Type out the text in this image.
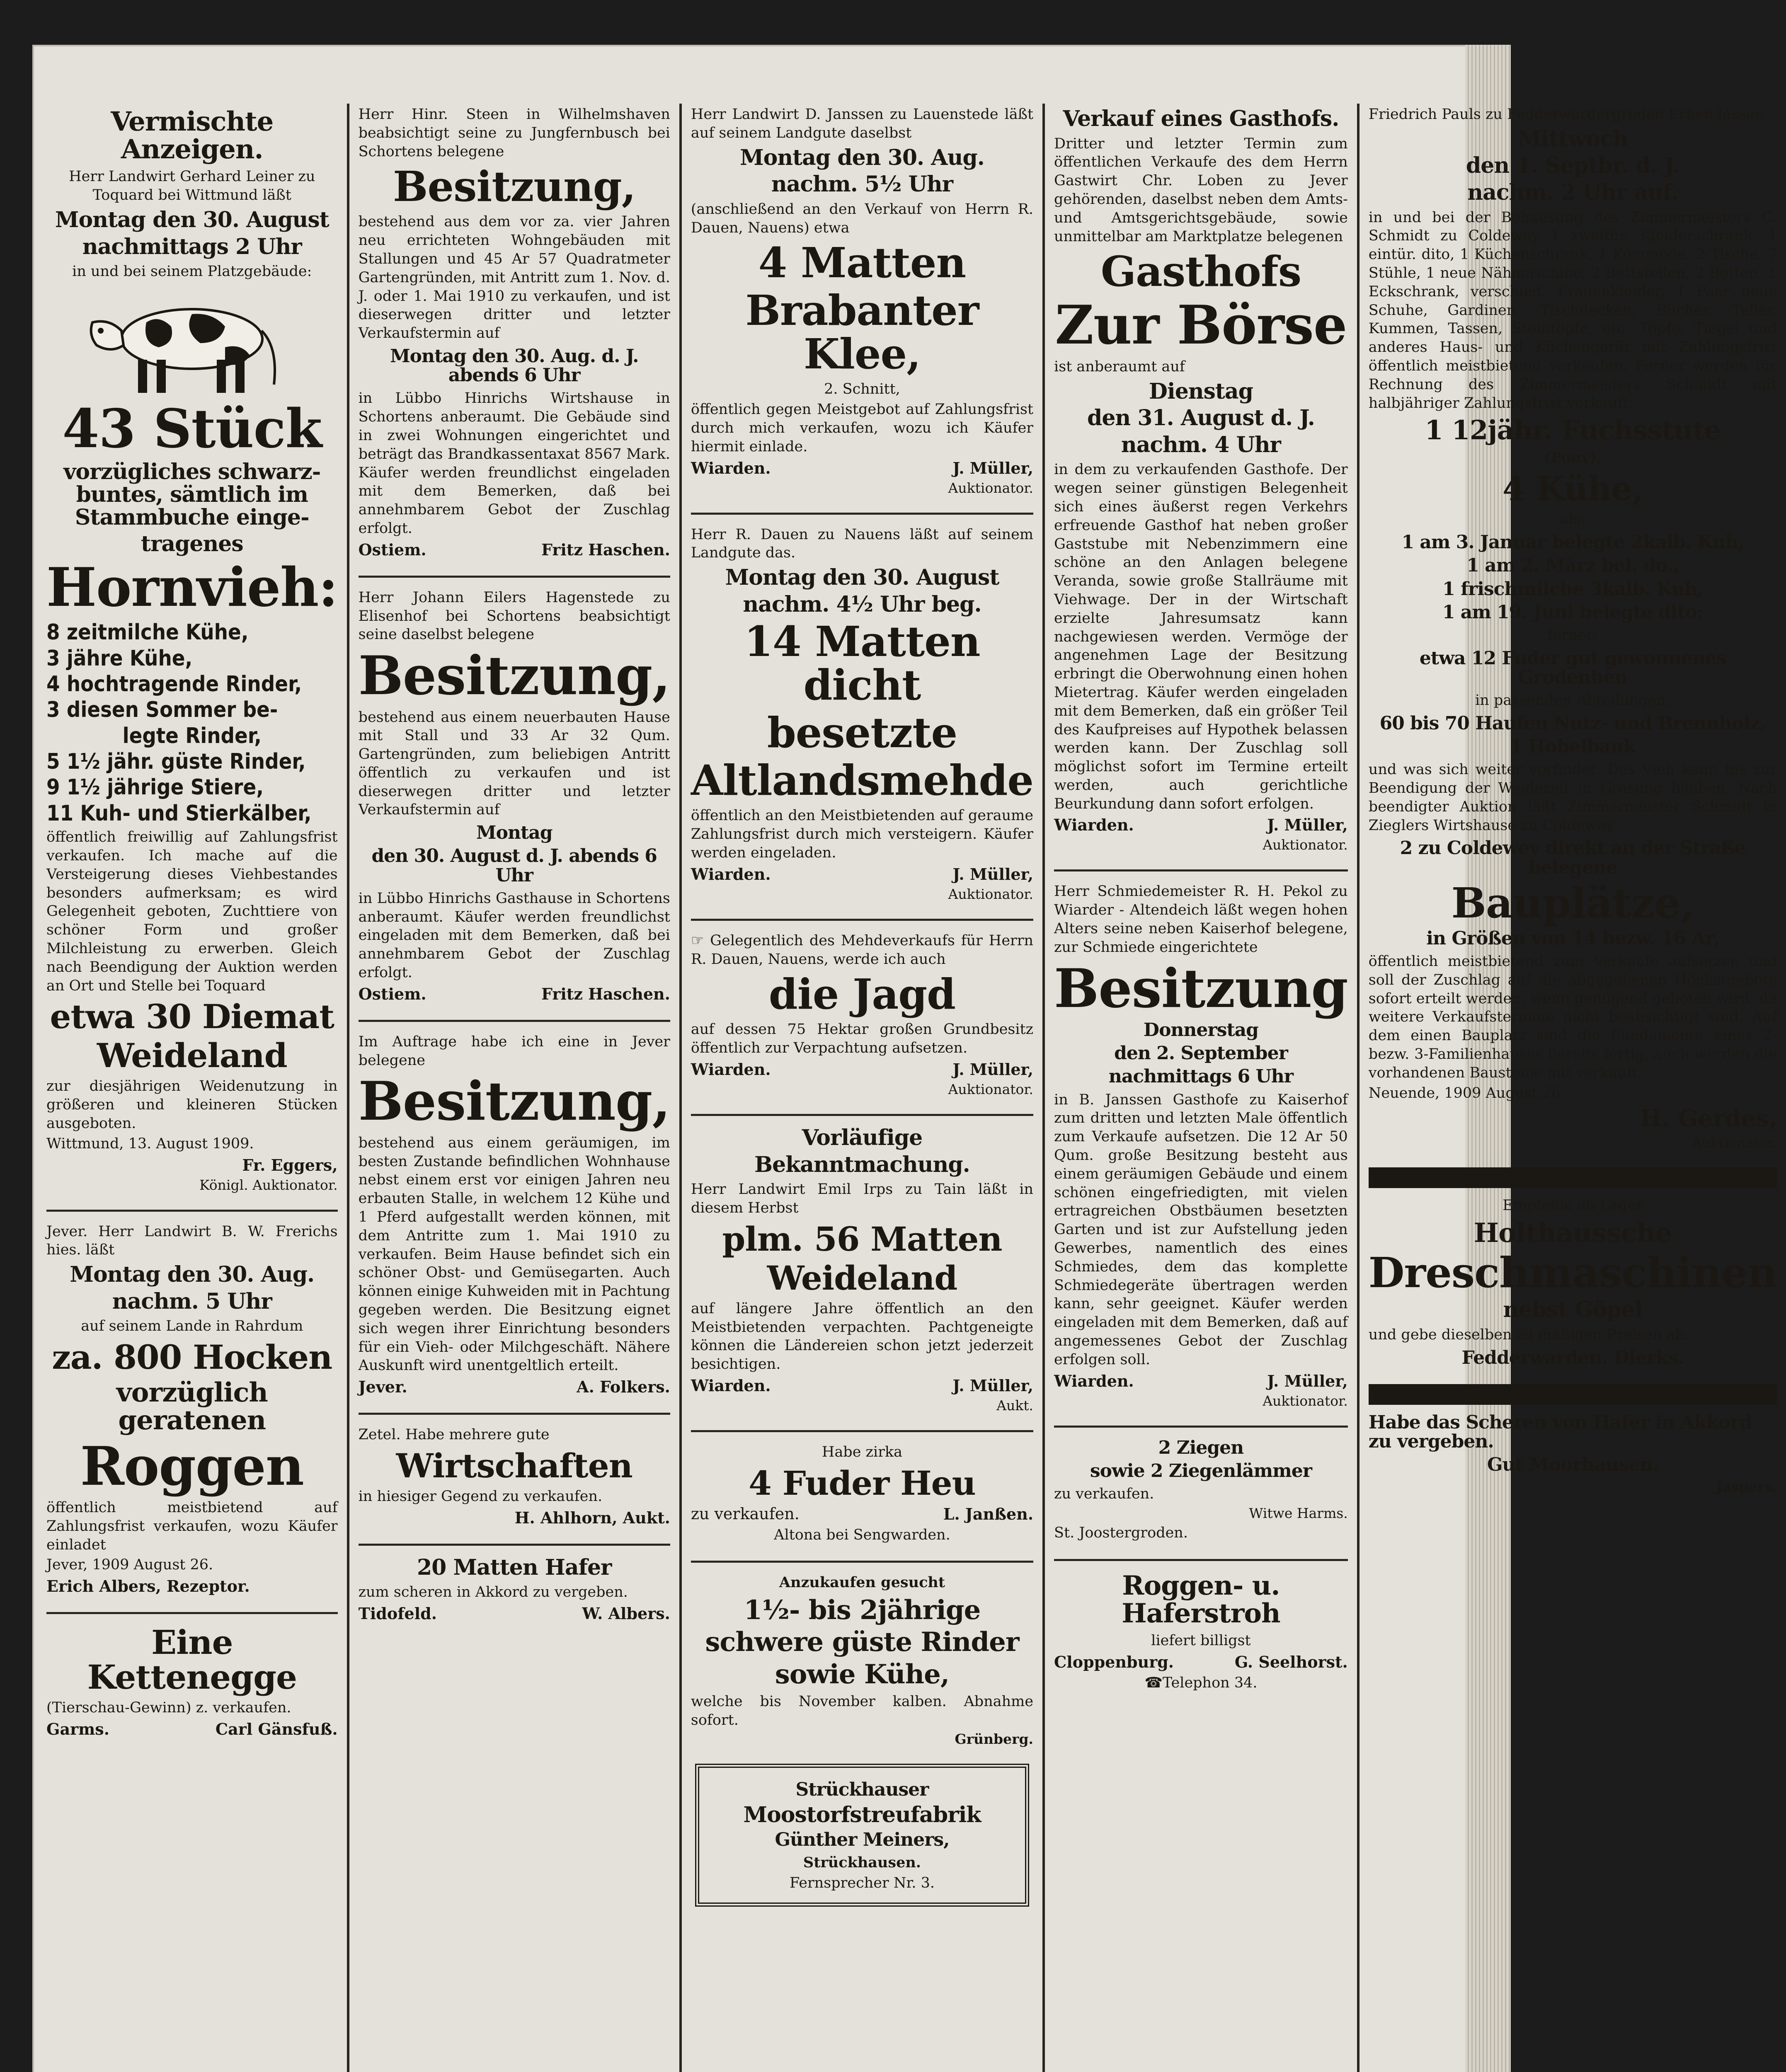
Vermischte Anzeigen.
Herr Landwirt Gerhard Leiner zu Toquard bei Wittmund läßt
Montag den 30. August
nachmittags 2 Uhr
in und bei seinem Platzgebäude:
43 Stück
vorzügliches schwarz-buntes, sämtlich im Stammbuche einge-
tragenes
Hornvieh:
8 zeitmilche Kühe,
3 jähre Kühe,
4 hochtragende Rinder,
3 diesen Sommer be-
legte Rinder,
5 1½ jähr. güste Rinder,
9 1½ jährige Stiere,
11 Kuh- und Stierkälber,
öffentlich freiwillig auf Zahlungsfrist verkaufen. Ich mache auf die Versteigerung dieses Viehbestandes besonders aufmerksam; es wird Gelegenheit geboten, Zuchttiere von schöner Form und großer Milchleistung zu erwerben. Gleich nach Beendigung der Auktion werden an Ort und Stelle bei Toquard
etwa 30 Diemat
Weideland
zur diesjährigen Weidenutzung in größeren und kleineren Stücken ausgeboten.
Wittmund, 13. August 1909.
Fr. Eggers,
Königl. Auktionator.
Jever. Herr Landwirt B. W. Frerichs hies. läßt
Montag den 30. Aug.
nachm. 5 Uhr
auf seinem Lande in Rahrdum
za. 800 Hocken
vorzüglich geratenen
Roggen
öffentlich meistbietend auf Zahlungsfrist verkaufen, wozu Käufer einladet
Jever, 1909 August 26.
Erich Albers, Rezeptor.
Eine Kettenegge
(Tierschau-Gewinn) z. verkaufen.
Garms.	Carl Gänsfuß.
Herr Hinr. Steen in Wilhelmshaven beabsichtigt seine zu Jungfernbusch bei Schortens belegene
Besitzung,
bestehend aus dem vor za. vier Jahren neu errichteten Wohngebäuden mit Stallungen und 45 Ar 57 Quadratmeter Gartengründen, mit Antritt zum 1. Nov. d. J. oder 1. Mai 1910 zu verkaufen, und ist dieserwegen dritter und letzter Verkaufstermin auf
Montag den 30. Aug. d. J. abends 6 Uhr
in Lübbo Hinrichs Wirtshause in Schortens anberaumt. Die Gebäude sind in zwei Wohnungen eingerichtet und beträgt das Brandkassentaxat 8567 Mark. Käufer werden freundlichst eingeladen mit dem Bemerken, daß bei annehmbarem Gebot der Zuschlag erfolgt.
Ostiem.	Fritz Haschen.
Herr Johann Eilers Hagenstede zu Elisenhof bei Schortens beabsichtigt seine daselbst belegene
Besitzung,
bestehend aus einem neuerbauten Hause mit Stall und 33 Ar 32 Qum. Gartengründen, zum beliebigen Antritt öffentlich zu verkaufen und ist dieserwegen dritter und letzter Verkaufstermin auf
Montag
den 30. August d. J. abends 6 Uhr
in Lübbo Hinrichs Gasthause in Schortens anberaumt. Käufer werden freundlichst eingeladen mit dem Bemerken, daß bei annehmbarem Gebot der Zuschlag erfolgt.
Ostiem.	Fritz Haschen.
Im Auftrage habe ich eine in Jever belegene
Besitzung,
bestehend aus einem geräumigen, im besten Zustande befindlichen Wohnhause nebst einem erst vor einigen Jahren neu erbauten Stalle, in welchem 12 Kühe und 1 Pferd aufgestallt werden können, mit dem Antritte zum 1. Mai 1910 zu verkaufen. Beim Hause befindet sich ein schöner Obst- und Gemüsegarten. Auch können einige Kuhweiden mit in Pachtung gegeben werden. Die Besitzung eignet sich wegen ihrer Einrichtung besonders für ein Vieh- oder Milchgeschäft. Nähere Auskunft wird unentgeltlich erteilt.
Jever.	A. Folkers.
Zetel. Habe mehrere gute
Wirtschaften
in hiesiger Gegend zu verkaufen.
H. Ahlhorn, Aukt.
20 Matten Hafer
zum scheren in Akkord zu vergeben.
Tidofeld.	W. Albers.
Herr Landwirt D. Janssen zu Lauenstede läßt auf seinem Landgute daselbst
Montag den 30. Aug.
nachm. 5½ Uhr
(anschließend an den Verkauf von Herrn R. Dauen, Nauens) etwa
4 Matten
Brabanter Klee,
2. Schnitt,
öffentlich gegen Meistgebot auf Zahlungsfrist durch mich verkaufen, wozu ich Käufer hiermit einlade.
Wiarden.	J. Müller,
Auktionator.
Herr R. Dauen zu Nauens läßt auf seinem Landgute das.
Montag den 30. August
nachm. 4½ Uhr beg.
14 Matten dicht
besetzte
Altlandsmehde
öffentlich an den Meistbietenden auf geraume Zahlungsfrist durch mich versteigern. Käufer werden eingeladen.
Wiarden.	J. Müller,
Auktionator.
☞ Gelegentlich des Mehdeverkaufs für Herrn R. Dauen, Nauens, werde ich auch
die Jagd
auf dessen 75 Hektar großen Grundbesitz öffentlich zur Verpachtung aufsetzen.
Wiarden.	J. Müller,
Auktionator.
Vorläufige
Bekanntmachung.
Herr Landwirt Emil Irps zu Tain läßt in diesem Herbst
plm. 56 Matten
Weideland
auf längere Jahre öffentlich an den Meistbietenden verpachten. Pachtgeneigte können die Ländereien schon jetzt jederzeit besichtigen.
Wiarden.	J. Müller,
Aukt.
Habe zirka
4 Fuder Heu
zu verkaufen.	L. Janßen.
Altona bei Sengwarden.
Anzukaufen gesucht
1½- bis 2jährige
schwere güste Rinder
sowie Kühe,
welche bis November kalben. Abnahme sofort.
Grünberg.
Strückhauser
Moostorfstreufabrik
Günther Meiners,
Strückhausen.
Fernsprecher Nr. 3.
Verkauf eines Gasthofs.
Dritter und letzter Termin zum öffentlichen Verkaufe des dem Herrn Gastwirt Chr. Loben zu Jever gehörenden, daselbst neben dem Amts- und Amtsgerichtsgebäude, sowie unmittelbar am Marktplatze belegenen
Gasthofs
Zur Börse
ist anberaumt auf
Dienstag
den 31. August d. J.
nachm. 4 Uhr
in dem zu verkaufenden Gasthofe. Der wegen seiner günstigen Belegenheit sich eines äußerst regen Verkehrs erfreuende Gasthof hat neben großer Gaststube mit Nebenzimmern eine schöne an den Anlagen belegene Veranda, sowie große Stallräume mit Viehwage. Der in der Wirtschaft erzielte Jahresumsatz kann nachgewiesen werden. Vermöge der angenehmen Lage der Besitzung erbringt die Oberwohnung einen hohen Mietertrag. Käufer werden eingeladen mit dem Bemerken, daß ein größer Teil des Kaufpreises auf Hypothek belassen werden kann. Der Zuschlag soll möglichst sofort im Termine erteilt werden, auch gerichtliche Beurkundung dann sofort erfolgen.
Wiarden.	J. Müller,
Auktionator.
Herr Schmiedemeister R. H. Pekol zu Wiarder - Altendeich läßt wegen hohen Alters seine neben Kaiserhof belegene, zur Schmiede eingerichtete
Besitzung
Donnerstag
den 2. September
nachmittags 6 Uhr
in B. Janssen Gasthofe zu Kaiserhof zum dritten und letzten Male öffentlich zum Verkaufe aufsetzen. Die 12 Ar 50 Qum. große Besitzung besteht aus einem geräumigen Gebäude und einem schönen eingefriedigten, mit vielen ertragreichen Obstbäumen besetzten Garten und ist zur Aufstellung jeden Gewerbes, namentlich des eines Schmiedes, dem das komplette Schmiedegeräte übertragen werden kann, sehr geeignet. Käufer werden eingeladen mit dem Bemerken, daß auf angemessenes Gebot der Zuschlag erfolgen soll.
Wiarden.	J. Müller,
Auktionator.
2 Ziegen
sowie 2 Ziegenlämmer
zu verkaufen.
Witwe Harms.
St. Joostergroden.
Roggen- u. Haferstroh
liefert billigst
Cloppenburg.	G. Seelhorst.
☎Telephon 34.
Friedrich Pauls zu Fedderwardergroden Erben lassen
Mittwoch
den 1. Septbr. d. J.
nachm. 2 Uhr auf.
in und bei der Behausung des Zimmermeisters C. Schmidt zu Coldewey 1 zweitür. Kleiderschrank, 1 eintür. dito, 1 Küchenschrank, 1 Kommode, 2 Tische, 7 Stühle, 1 neue Nähmaschine, 2 Bettstellen, 2 Betten, 1 Eckschrank, verschied. Frauenkleider, 1 Paar neue Schuhe, Gardinen, Tischdecken, Bücher, Teller, Kummen, Tassen, Steintöpfe, etc. Töpfe, Tiegel und anderes Haus- und Küchengerät mit Zahlungsfrist öffentlich meistbietend verkaufen. Ferner werden für Rechnung des Zimmermeisters Schmidt mit halbjähriger Zahlungsfrist verkauft:
1 12jähr. Fuchsstute
(Pony),
4 Kühe,
als:
1 am 3. Januar belegte 2kalb. Kuh,
1 am 2. März bel. do.,
1 frischmilche 3kalb. Kuh,
1 am 19. Juni belegte dito;
ferner:
etwa 12 Fuder gut gewonnenes Grodenheu
in passenden Abteilungen,
60 bis 70 Haufen Nutz- und Brennholz,
1 Hobelbank
und was sich weiter vorfindet. Das Vieh kann bis zur Beendigung der Weidezeit in Grasung bleiben. Nach beendigter Auktion läßt Zimmermeister Schmidt in Zieglers Wirtshause zu Coldewey
2 zu Coldewey direkt an der Straße belegene
Bauplätze,
in Größen von 14 bezw. 16 Ar,
öffentlich meistbietend zum Verkaufe aufsetzen und soll der Zuschlag auf die abgegebenen Höchstgebote sofort erteilt werden, wenn genügend geboten wird, da weitere Verkaufstermine nicht beabsichtigt sind. Auf dem einen Bauplatz sind die Fundamente eines 2- bezw. 3-Familienhauses bereits fertig, auch werden die vorhandenen Bausteine mit verkauft.
Neuende, 1909 August 26.
H. Gerdes,
Auktionator.
Empfehle ab Lager
Holthaussche
Dreschmaschinen
nebst Göpel
und gebe dieselben zu mäßigen Preisen ab.
Fedderwarden. Dierks.
Habe das Scheren von Hafer in Akkord zu vergeben.
Gut Moorhausen.
Jaspers.
